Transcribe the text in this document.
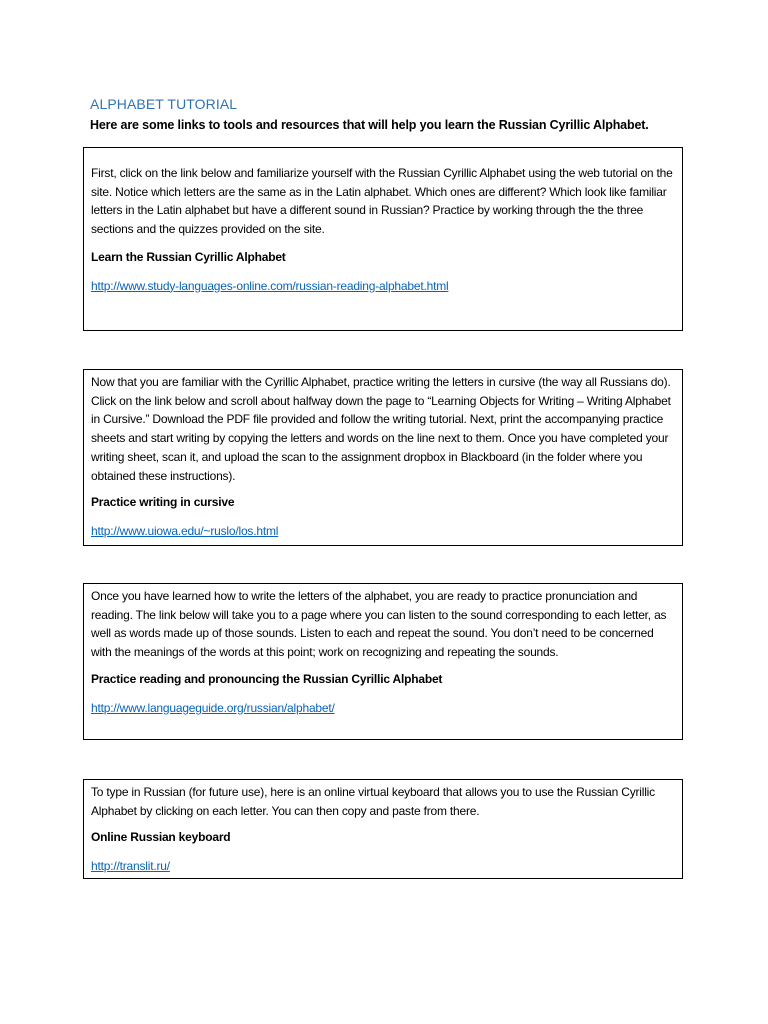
ALPHABET TUTORIAL
Here are some links to tools and resources that will help you learn the Russian Cyrillic Alphabet.

First, click on the link below and familiarize yourself with the Russian Cyrillic Alphabet using the web tutorial on the site. Notice which letters are the same as in the Latin alphabet. Which ones are different? Which look like familiar letters in the Latin alphabet but have a different sound in Russian? Practice by working through the the three sections and the quizzes provided on the site.

Learn the Russian Cyrillic Alphabet

http://www.study-languages-online.com/russian-reading-alphabet.html

Now that you are familiar with the Cyrillic Alphabet, practice writing the letters in cursive (the way all Russians do). Click on the link below and scroll about halfway down the page to “Learning Objects for Writing – Writing Alphabet in Cursive.” Download the PDF file provided and follow the writing tutorial. Next, print the accompanying practice sheets and start writing by copying the letters and words on the line next to them. Once you have completed your writing sheet, scan it, and upload the scan to the assignment dropbox in Blackboard (in the folder where you obtained these instructions).

Practice writing in cursive

http://www.uiowa.edu/~ruslo/los.html

Once you have learned how to write the letters of the alphabet, you are ready to practice pronunciation and reading. The link below will take you to a page where you can listen to the sound corresponding to each letter, as well as words made up of those sounds. Listen to each and repeat the sound. You don’t need to be concerned with the meanings of the words at this point; work on recognizing and repeating the sounds.

Practice reading and pronouncing the Russian Cyrillic Alphabet

http://www.languageguide.org/russian/alphabet/

To type in Russian (for future use), here is an online virtual keyboard that allows you to use the Russian Cyrillic Alphabet by clicking on each letter. You can then copy and paste from there.

Online Russian keyboard

http://translit.ru/
